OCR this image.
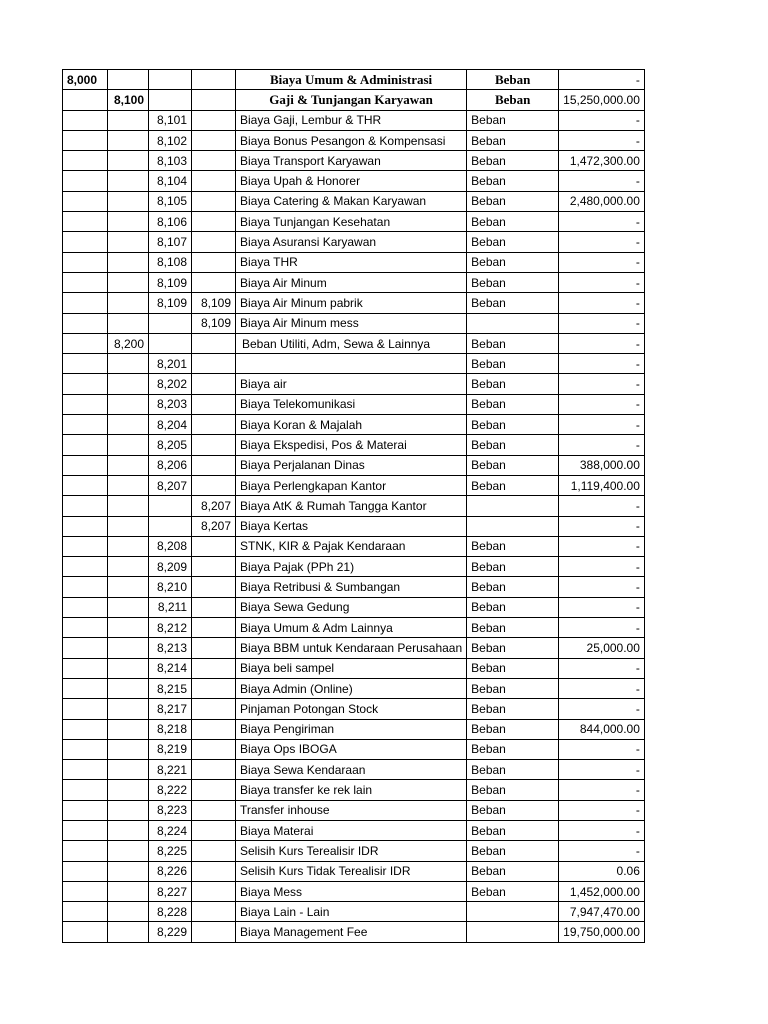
8,000				Biaya Umum & Administrasi	Beban	-
	8,100			Gaji & Tunjangan Karyawan	Beban	15,250,000.00
		8,101		Biaya Gaji, Lembur & THR	Beban	-
		8,102		Biaya Bonus Pesangon & Kompensasi	Beban	-
		8,103		Biaya Transport Karyawan	Beban	1,472,300.00
		8,104		Biaya Upah & Honorer	Beban	-
		8,105		Biaya Catering & Makan Karyawan	Beban	2,480,000.00
		8,106		Biaya Tunjangan Kesehatan	Beban	-
		8,107		Biaya Asuransi Karyawan	Beban	-
		8,108		Biaya THR	Beban	-
		8,109		Biaya Air Minum	Beban	-
		8,109	8,109	Biaya Air Minum pabrik	Beban	-
			8,109	Biaya Air Minum mess		-
	8,200			Beban Utiliti, Adm, Sewa & Lainnya	Beban	-
		8,201			Beban	-
		8,202		Biaya air	Beban	-
		8,203		Biaya Telekomunikasi	Beban	-
		8,204		Biaya Koran & Majalah	Beban	-
		8,205		Biaya Ekspedisi, Pos & Materai	Beban	-
		8,206		Biaya Perjalanan Dinas	Beban	388,000.00
		8,207		Biaya Perlengkapan Kantor	Beban	1,119,400.00
			8,207	Biaya AtK & Rumah Tangga Kantor		-
			8,207	Biaya Kertas		-
		8,208		STNK, KIR & Pajak Kendaraan	Beban	-
		8,209		Biaya Pajak (PPh 21)	Beban	-
		8,210		Biaya Retribusi & Sumbangan	Beban	-
		8,211		Biaya Sewa Gedung	Beban	-
		8,212		Biaya Umum & Adm Lainnya	Beban	-
		8,213		Biaya BBM untuk Kendaraan Perusahaan	Beban	25,000.00
		8,214		Biaya beli sampel	Beban	-
		8,215		Biaya Admin (Online)	Beban	-
		8,217		Pinjaman Potongan Stock	Beban	-
		8,218		Biaya Pengiriman	Beban	844,000.00
		8,219		Biaya Ops IBOGA	Beban	-
		8,221		Biaya Sewa Kendaraan	Beban	-
		8,222		Biaya transfer ke rek lain	Beban	-
		8,223		Transfer inhouse	Beban	-
		8,224		Biaya Materai	Beban	-
		8,225		Selisih Kurs Terealisir IDR	Beban	-
		8,226		Selisih Kurs Tidak Terealisir IDR	Beban	0.06
		8,227		Biaya Mess	Beban	1,452,000.00
		8,228		Biaya Lain - Lain		7,947,470.00
		8,229		Biaya Management Fee		19,750,000.00
